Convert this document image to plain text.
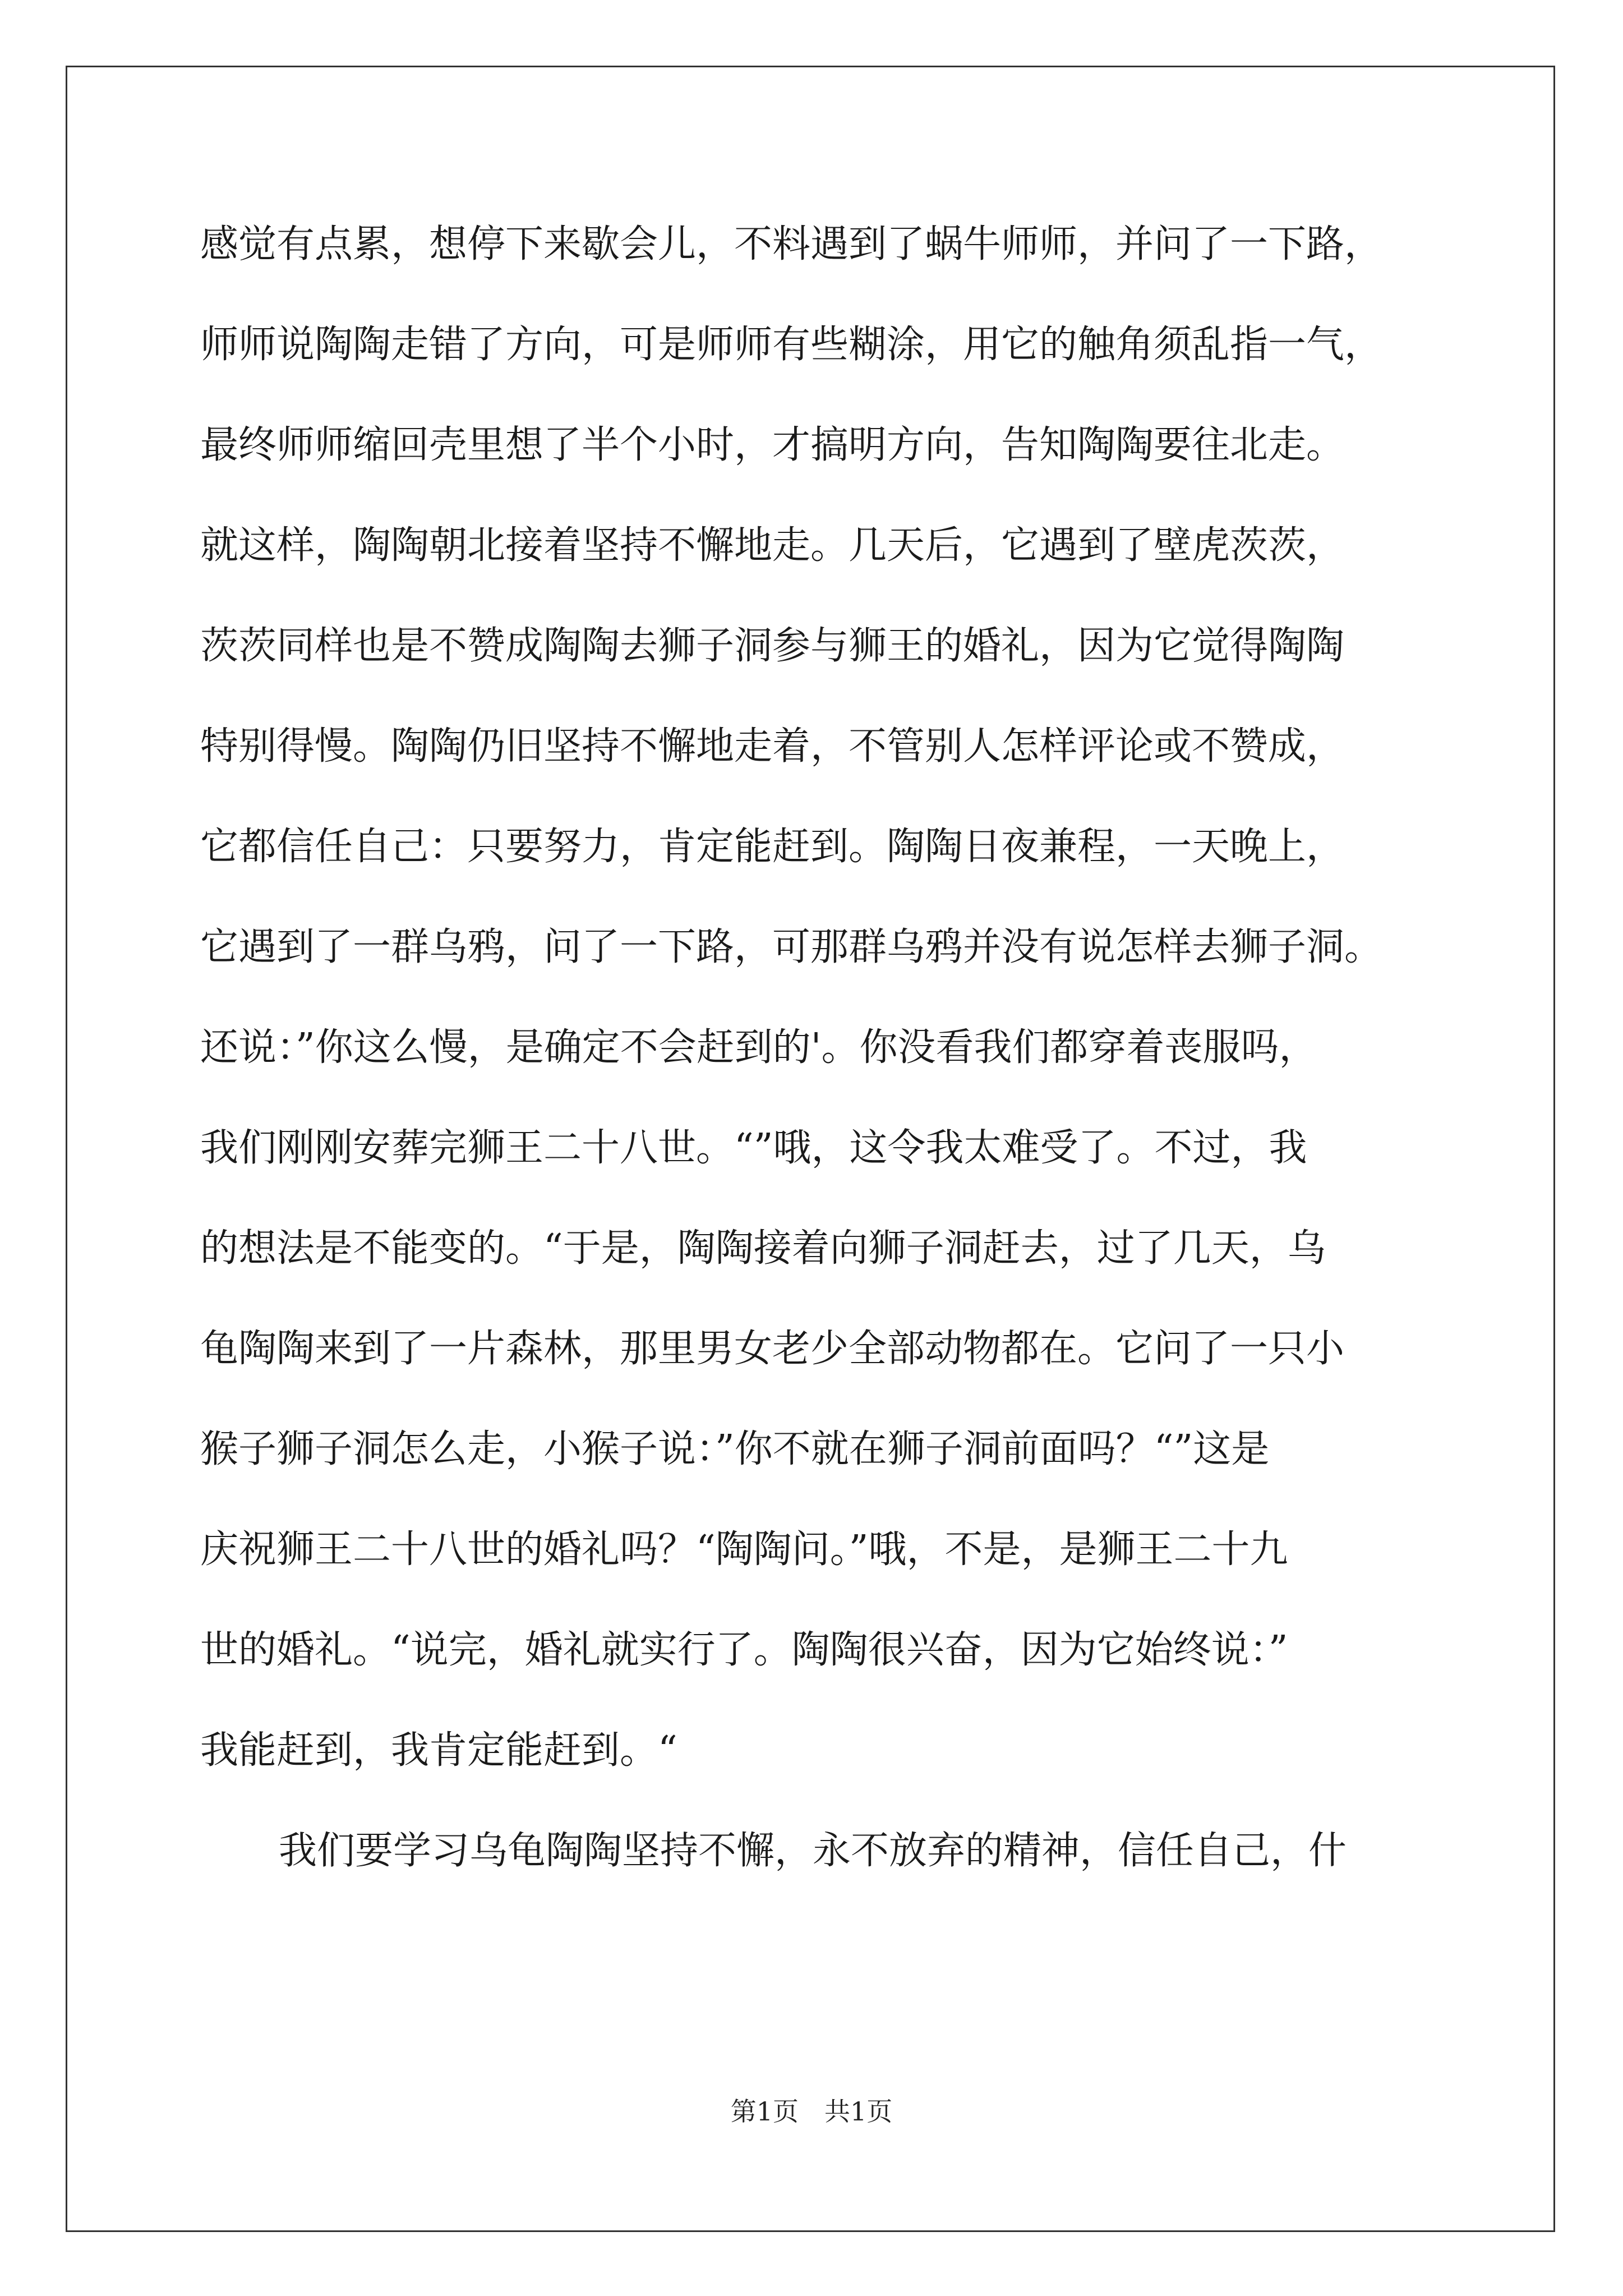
感觉有点累，想停下来歇会儿，不料遇到了蜗牛师师，并问了一下路，
师师说陶陶走错了方向，可是师师有些糊涂，用它的触角须乱指一气，
最终师师缩回壳里想了半个小时，才搞明方向，告知陶陶要往北走。
就这样，陶陶朝北接着坚持不懈地走。几天后，它遇到了壁虎茨茨，
茨茨同样也是不赞成陶陶去狮子洞参与狮王的婚礼，因为它觉得陶陶
特别得慢。陶陶仍旧坚持不懈地走着，不管别人怎样评论或不赞成，
它都信任自己：只要努力，肯定能赶到。陶陶日夜兼程，一天晚上，
它遇到了一群乌鸦，问了一下路，可那群乌鸦并没有说怎样去狮子洞。
还说：”你这么慢，是确定不会赶到的'。你没看我们都穿着丧服吗，
我们刚刚安葬完狮王二十八世。“”哦，这令我太难受了。不过，我
的想法是不能变的。“于是，陶陶接着向狮子洞赶去，过了几天，乌
龟陶陶来到了一片森林，那里男女老少全部动物都在。它问了一只小
猴子狮子洞怎么走，小猴子说：”你不就在狮子洞前面吗？“”这是
庆祝狮王二十八世的婚礼吗？“陶陶问。”哦，不是，是狮王二十九
世的婚礼。“说完，婚礼就实行了。陶陶很兴奋，因为它始终说：”
我能赶到，我肯定能赶到。“
我们要学习乌龟陶陶坚持不懈，永不放弃的精神，信任自己，什
第1页　共1页
